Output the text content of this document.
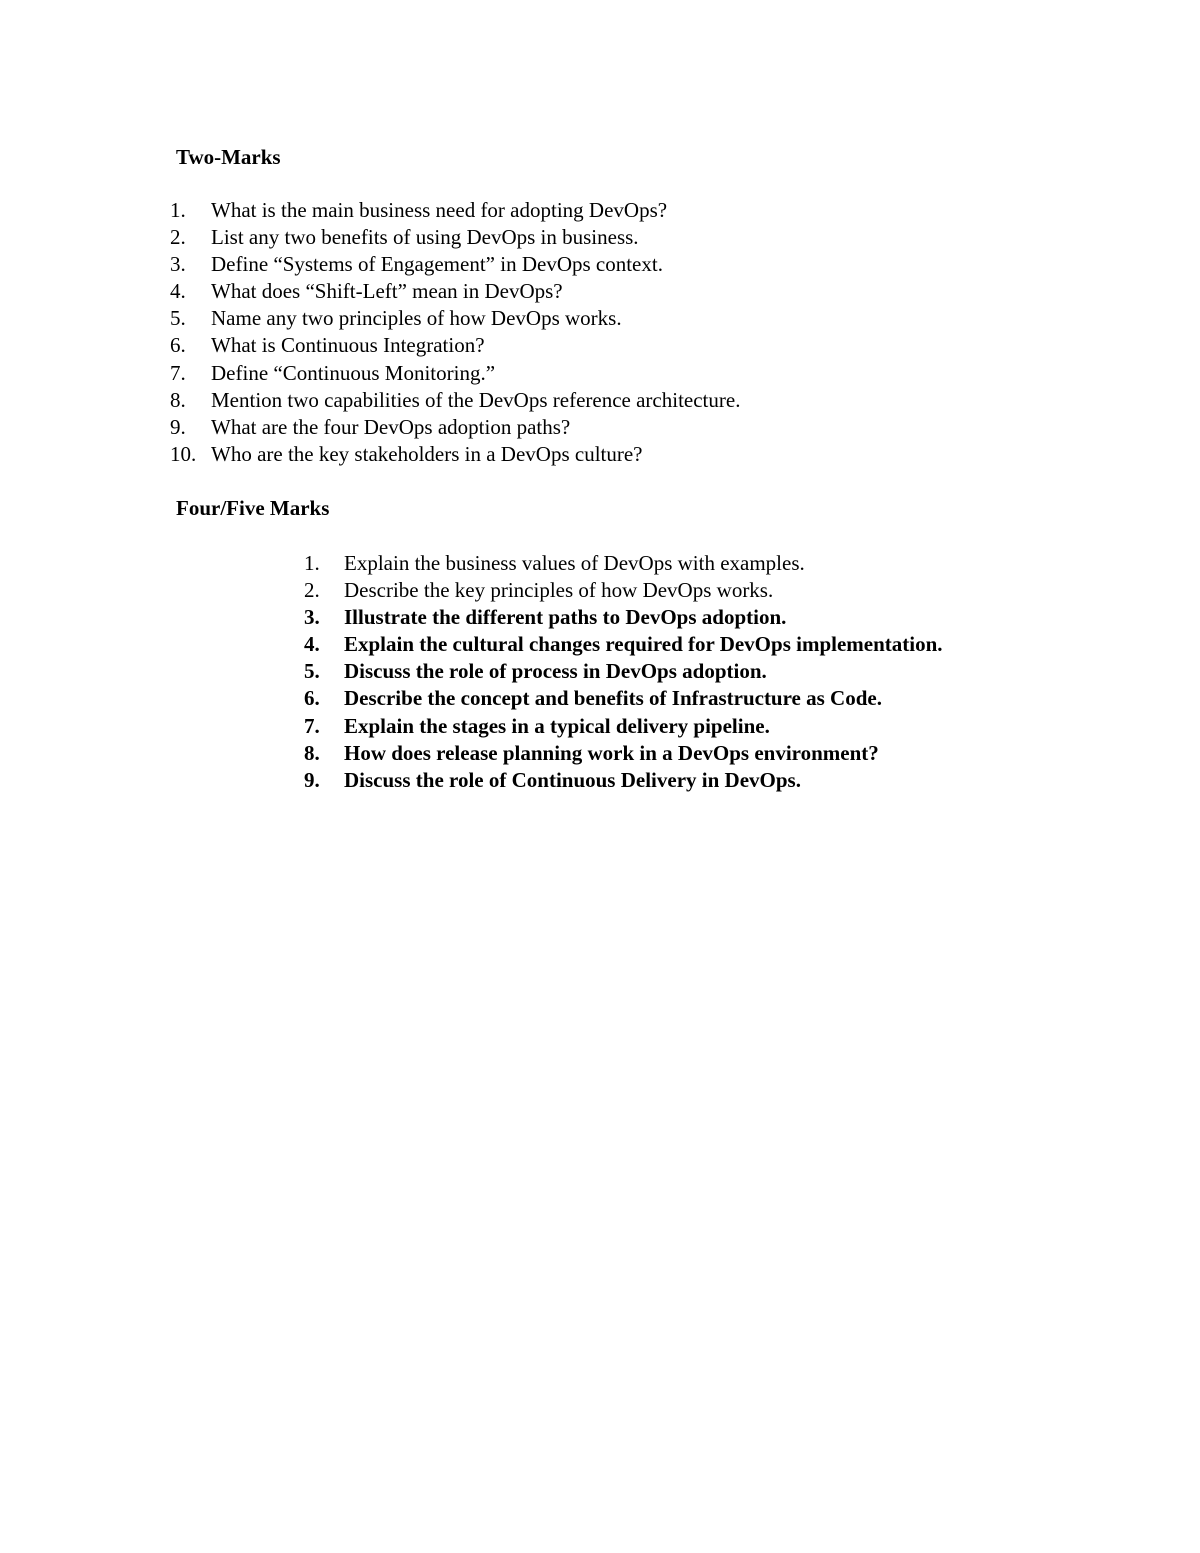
Two-Marks
1. What is the main business need for adopting DevOps?
2. List any two benefits of using DevOps in business.
3. Define “Systems of Engagement” in DevOps context.
4. What does “Shift-Left” mean in DevOps?
5. Name any two principles of how DevOps works.
6. What is Continuous Integration?
7. Define “Continuous Monitoring.”
8. Mention two capabilities of the DevOps reference architecture.
9. What are the four DevOps adoption paths?
10. Who are the key stakeholders in a DevOps culture?
Four/Five Marks
1. Explain the business values of DevOps with examples.
2. Describe the key principles of how DevOps works.
3. Illustrate the different paths to DevOps adoption.
4. Explain the cultural changes required for DevOps implementation.
5. Discuss the role of process in DevOps adoption.
6. Describe the concept and benefits of Infrastructure as Code.
7. Explain the stages in a typical delivery pipeline.
8. How does release planning work in a DevOps environment?
9. Discuss the role of Continuous Delivery in DevOps.
